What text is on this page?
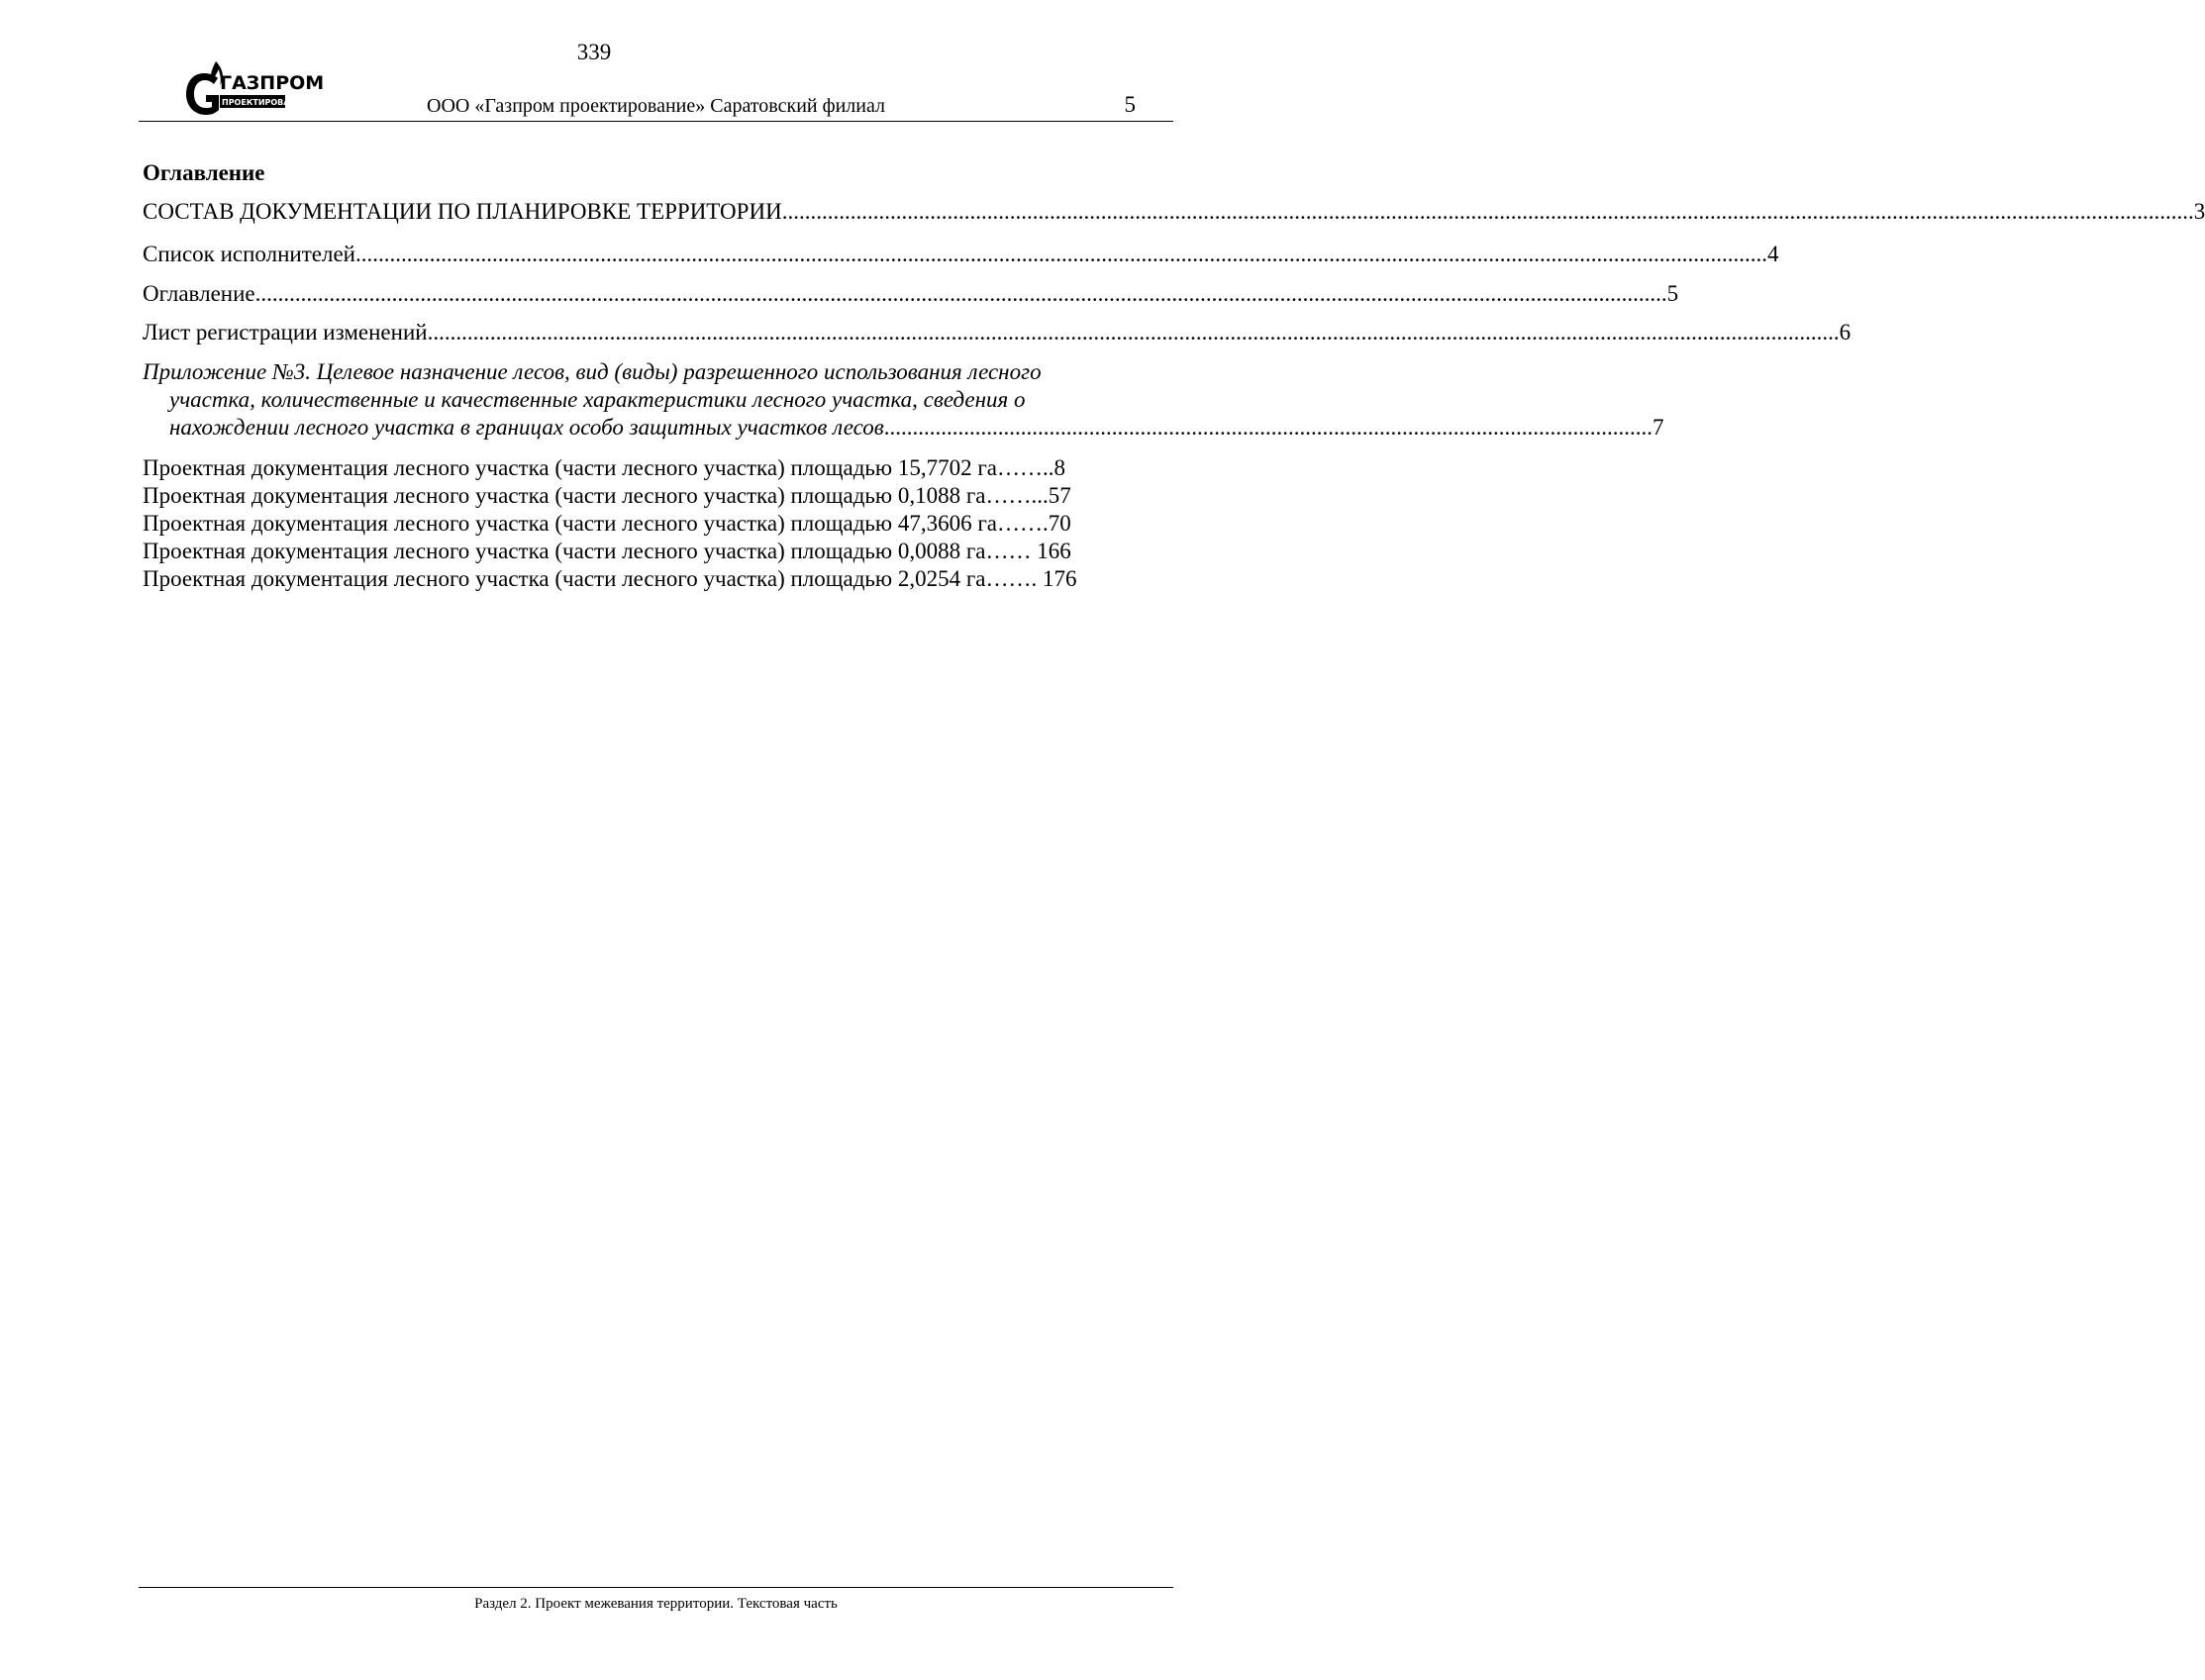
339
ГАЗПРОМ
ПРОЕКТИРОВАНИЕ	ООО «Газпром проектирование» Саратовский филиал	5
Оглавление
СОСТАВ ДОКУМЕНТАЦИИ ПО ПЛАНИРОВКЕ ТЕРРИТОРИИ .....	3
Список исполнителей .....	4
Оглавление .....	5
Лист регистрации изменений .....	6
Приложение №3. Целевое назначение лесов, вид (виды) разрешенного использования лесного
участка, количественные и качественные характеристики лесного участка, сведения о
нахождении лесного участка в границах особо защитных участков лесов .....	7
Проектная документация лесного участка (части лесного участка) площадью 15,7702 га……..8
Проектная документация лесного участка (части лесного участка) площадью 0,1088 га……...57
Проектная документация лесного участка (части лесного участка) площадью 47,3606 га…….70
Проектная документация лесного участка (части лесного участка) площадью 0,0088 га…… 166
Проектная документация лесного участка (части лесного участка) площадью 2,0254 га……. 176
Раздел 2. Проект межевания территории. Текстовая часть
